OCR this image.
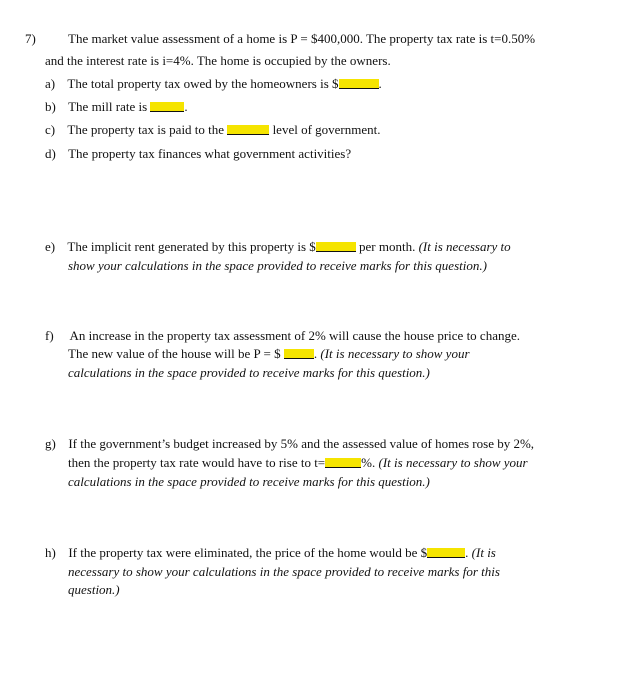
7) The market value assessment of a home is P = $400,000. The property tax rate is t=0.50%
and the interest rate is i=4%. The home is occupied by the owners.
a) The total property tax owed by the homeowners is $	.
b) The mill rate is	.
c) The property tax is paid to the	level of government.
d) The property tax finances what government activities?
e) The implicit rent generated by this property is $	per month. (It is necessary to
show your calculations in the space provided to receive marks for this question.)
f) An increase in the property tax assessment of 2% will cause the house price to change.
The new value of the house will be P = $	. (It is necessary to show your
calculations in the space provided to receive marks for this question.)
g) If the government’s budget increased by 5% and the assessed value of homes rose by 2%,
then the property tax rate would have to rise to t=	%. (It is necessary to show your
calculations in the space provided to receive marks for this question.)
h) If the property tax were eliminated, the price of the home would be $	. (It is
necessary to show your calculations in the space provided to receive marks for this
question.)
